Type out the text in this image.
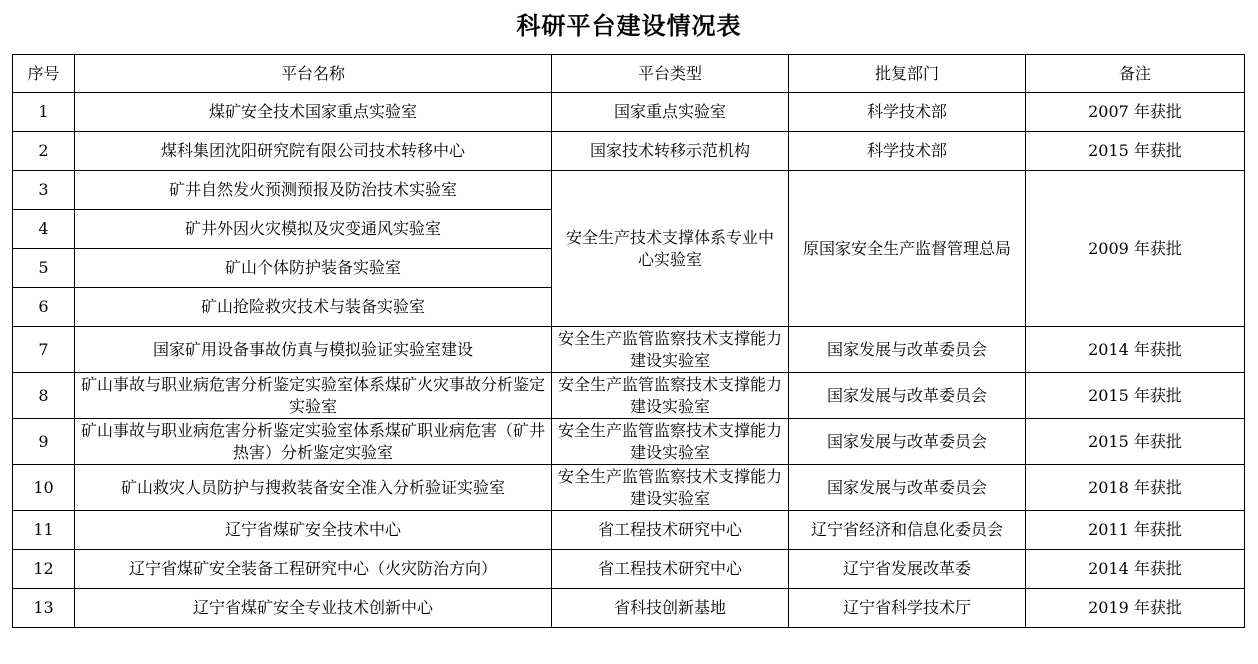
科研平台建设情况表
序号	平台名称	平台类型	批复部门	备注
1	煤矿安全技术国家重点实验室	国家重点实验室	科学技术部	2007 年获批
2	煤科集团沈阳研究院有限公司技术转移中心	国家技术转移示范机构	科学技术部	2015 年获批
3	矿井自然发火预测预报及防治技术实验室	安全生产技术支撑体系专业中心实验室	原国家安全生产监督管理总局	2009 年获批
4	矿井外因火灾模拟及灾变通风实验室			
5	矿山个体防护装备实验室			
6	矿山抢险救灾技术与装备实验室			
7	国家矿用设备事故仿真与模拟验证实验室建设	安全生产监管监察技术支撑能力建设实验室	国家发展与改革委员会	2014 年获批
8	矿山事故与职业病危害分析鉴定实验室体系煤矿火灾事故分析鉴定实验室	安全生产监管监察技术支撑能力建设实验室	国家发展与改革委员会	2015 年获批
9	矿山事故与职业病危害分析鉴定实验室体系煤矿职业病危害（矿井热害）分析鉴定实验室	安全生产监管监察技术支撑能力建设实验室	国家发展与改革委员会	2015 年获批
10	矿山救灾人员防护与搜救装备安全准入分析验证实验室	安全生产监管监察技术支撑能力建设实验室	国家发展与改革委员会	2018 年获批
11	辽宁省煤矿安全技术中心	省工程技术研究中心	辽宁省经济和信息化委员会	2011 年获批
12	辽宁省煤矿安全装备工程研究中心（火灾防治方向）	省工程技术研究中心	辽宁省发展改革委	2014 年获批
13	辽宁省煤矿安全专业技术创新中心	省科技创新基地	辽宁省科学技术厅	2019 年获批
